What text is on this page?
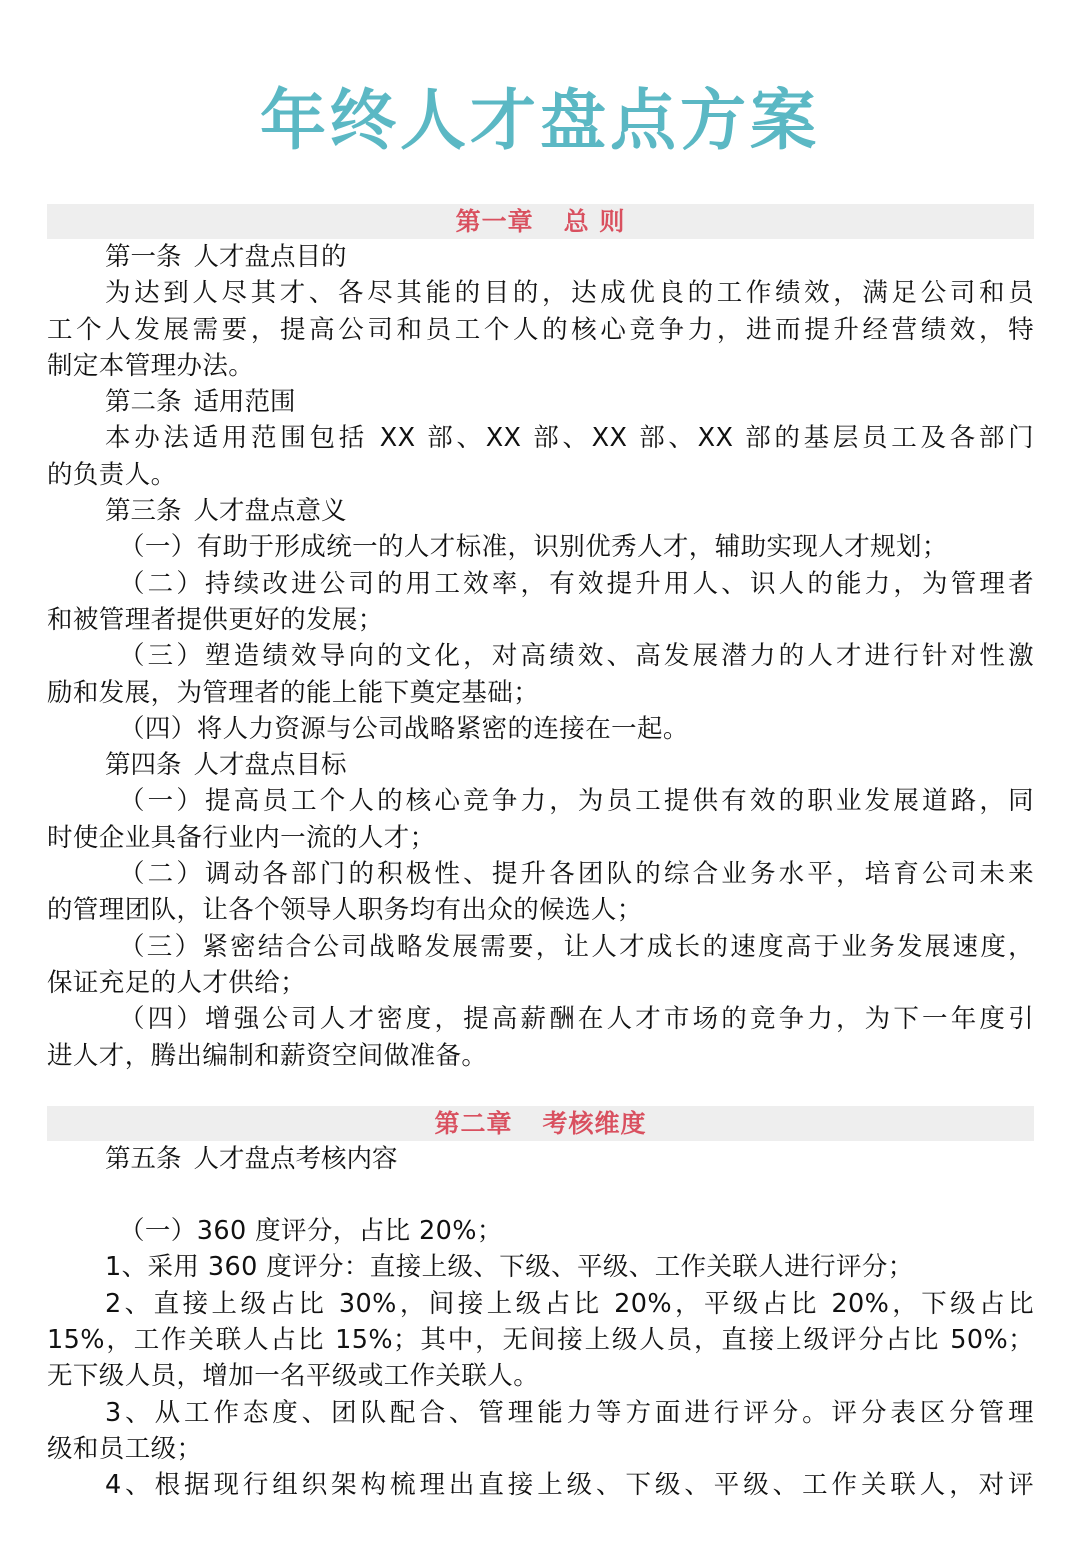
年终人才盘点方案
第一章 总 则
第一条 人才盘点目的
为达到人尽其才、各尽其能的目的，达成优良的工作绩效，满足公司和员
工个人发展需要，提高公司和员工个人的核心竞争力，进而提升经营绩效，特
制定本管理办法。
第二条 适用范围
本办法适用范围包括 XX 部、XX 部、XX 部、XX 部的基层员工及各部门
的负责人。
第三条 人才盘点意义
（一）有助于形成统一的人才标准，识别优秀人才，辅助实现人才规划；
（二）持续改进公司的用工效率，有效提升用人、识人的能力，为管理者
和被管理者提供更好的发展；
（三）塑造绩效导向的文化，对高绩效、高发展潜力的人才进行针对性激
励和发展，为管理者的能上能下奠定基础；
（四）将人力资源与公司战略紧密的连接在一起。
第四条 人才盘点目标
（一）提高员工个人的核心竞争力，为员工提供有效的职业发展道路，同
时使企业具备行业内一流的人才；
（二）调动各部门的积极性、提升各团队的综合业务水平，培育公司未来
的管理团队，让各个领导人职务均有出众的候选人；
（三）紧密结合公司战略发展需要，让人才成长的速度高于业务发展速度，
保证充足的人才供给；
（四）增强公司人才密度，提高薪酬在人才市场的竞争力，为下一年度引
进人才，腾出编制和薪资空间做准备。
第二章 考核维度
第五条 人才盘点考核内容
（一）360 度评分，占比 20%；
1、采用 360 度评分：直接上级、下级、平级、工作关联人进行评分；
2、直接上级占比 30%，间接上级占比 20%，平级占比 20%，下级占比
15%，工作关联人占比 15%；其中，无间接上级人员，直接上级评分占比 50%；
无下级人员，增加一名平级或工作关联人。
3、从工作态度、团队配合、管理能力等方面进行评分。评分表区分管理
级和员工级；
4、根据现行组织架构梳理出直接上级、下级、平级、工作关联人，对评
